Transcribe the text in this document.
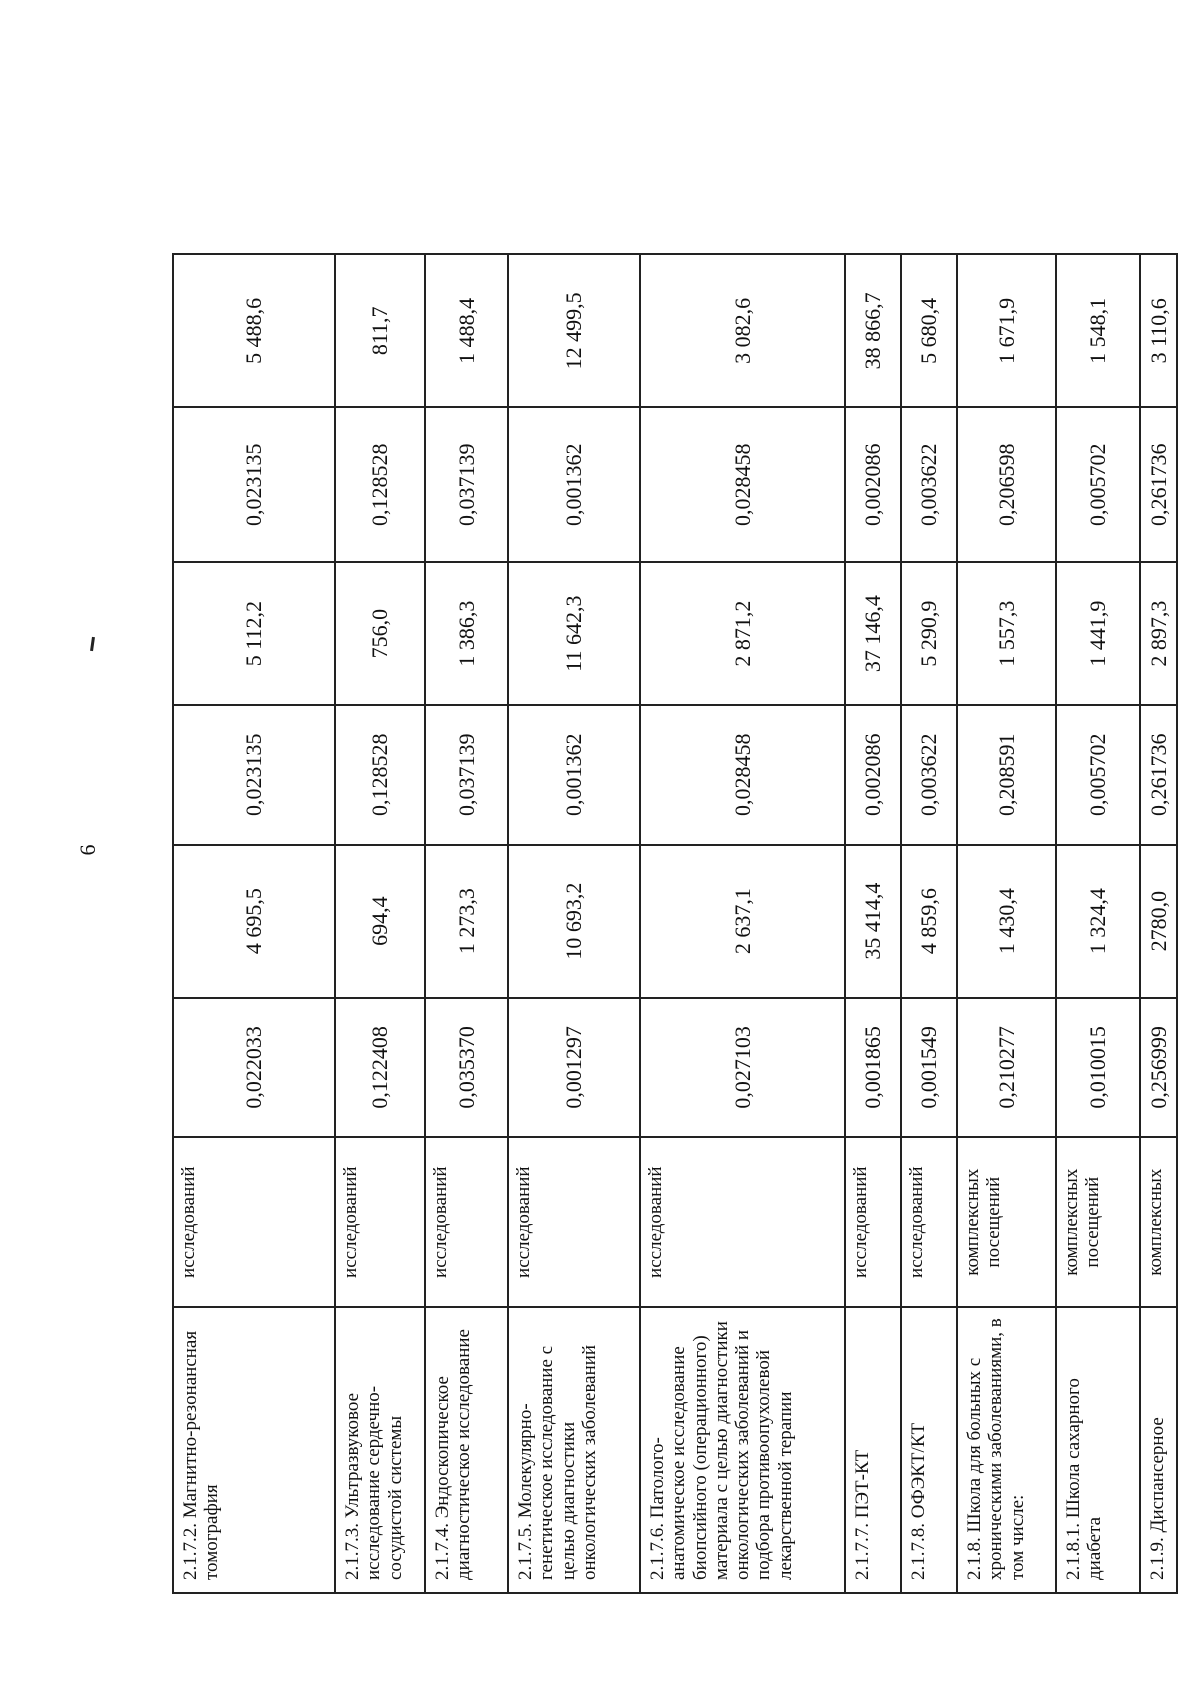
6
2.1.7.2. Магнитно-резонансная томография	исследований	0,022033	4 695,5	0,023135	5 112,2	0,023135	5 488,6
2.1.7.3. Ультразвуковое исследование сердечно-сосудистой системы	исследований	0,122408	694,4	0,128528	756,0	0,128528	811,7
2.1.7.4. Эндоскопическое диагностическое исследование	исследований	0,035370	1 273,3	0,037139	1 386,3	0,037139	1 488,4
2.1.7.5. Молекулярно-генетическое исследование с целью диагностики онкологических заболеваний	исследований	0,001297	10 693,2	0,001362	11 642,3	0,001362	12 499,5
2.1.7.6. Патолого-анатомическое исследование биопсийного (операционного) материала с целью диагностики онкологических заболеваний и подбора противоопухолевой лекарственной терапии	исследований	0,027103	2 637,1	0,028458	2 871,2	0,028458	3 082,6
2.1.7.7. ПЭТ-КТ	исследований	0,001865	35 414,4	0,002086	37 146,4	0,002086	38 866,7
2.1.7.8. ОФЭКТ/КТ	исследований	0,001549	4 859,6	0,003622	5 290,9	0,003622	5 680,4
2.1.8. Школа для больных с хроническими заболеваниями, в том числе:	комплексных посещений	0,210277	1 430,4	0,208591	1 557,3	0,206598	1 671,9
2.1.8.1. Школа сахарного диабета	комплексных посещений	0,010015	1 324,4	0,005702	1 441,9	0,005702	1 548,1
2.1.9. Диспансерное	комплексных	0,256999	2780,0	0,261736	2 897,3	0,261736	3 110,6
